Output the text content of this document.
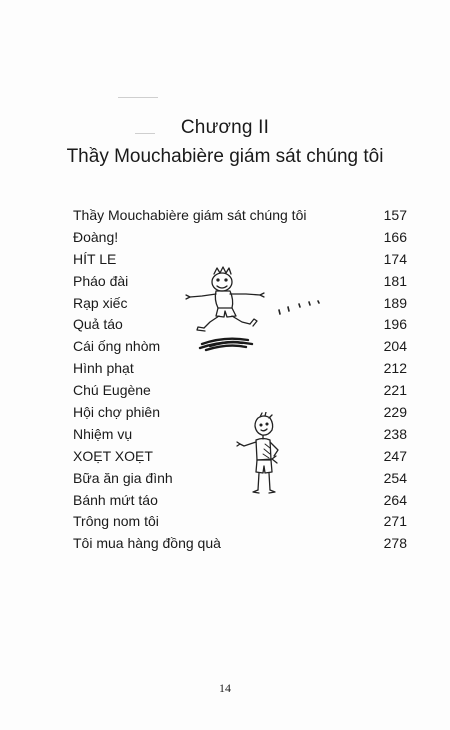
Chương II
Thầy Mouchabière giám sát chúng tôi
Thầy Mouchabière giám sát chúng tôi	157
Đoàng!	166
HÍT LE	174
Pháo đài	181
Rạp xiếc	189
Quả táo	196
Cái ống nhòm	204
Hình phạt	212
Chú Eugène	221
Hội chợ phiên	229
Nhiệm vụ	238
XOẸT XOẸT	247
Bữa ăn gia đình	254
Bánh mứt táo	264
Trông nom tôi	271
Tôi mua hàng đồng quà	278
14
